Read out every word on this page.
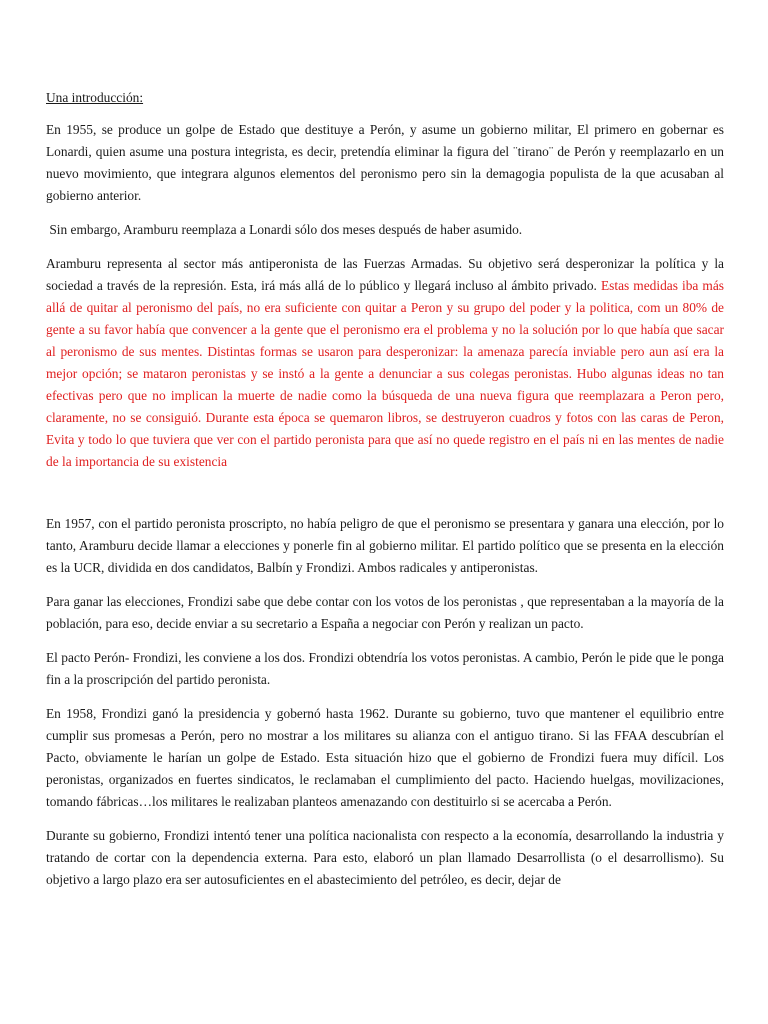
Una introducción:

En 1955, se produce un golpe de Estado que destituye a Perón, y asume un gobierno militar, El primero en gobernar es Lonardi, quien asume una postura integrista, es decir, pretendía eliminar la figura del ¨tirano¨ de Perón y reemplazarlo en un nuevo movimiento, que integrara algunos elementos del peronismo pero sin la demagogia populista de la que acusaban al gobierno anterior.

Sin embargo, Aramburu reemplaza a Lonardi sólo dos meses después de haber asumido.

Aramburu representa al sector más antiperonista de las Fuerzas Armadas. Su objetivo será desperonizar la política y la sociedad a través de la represión. Esta, irá más allá de lo público y llegará incluso al ámbito privado. Estas medidas iba más allá de quitar al peronismo del país, no era suficiente con quitar a Peron y su grupo del poder y la politica, com un 80% de gente a su favor había que convencer a la gente que el peronismo era el problema y no la solución por lo que había que sacar al peronismo de sus mentes. Distintas formas se usaron para desperonizar: la amenaza parecía inviable pero aun así era la mejor opción; se mataron peronistas y se instó a la gente a denunciar a sus colegas peronistas. Hubo algunas ideas no tan efectivas pero que no implican la muerte de nadie como la búsqueda de una nueva figura que reemplazara a Peron pero, claramente, no se consiguió. Durante esta época se quemaron libros, se destruyeron cuadros y fotos con las caras de Peron, Evita y todo lo que tuviera que ver con el partido peronista para que así no quede registro en el país ni en las mentes de nadie de la importancia de su existencia

En 1957, con el partido peronista proscripto, no había peligro de que el peronismo se presentara y ganara una elección, por lo tanto, Aramburu decide llamar a elecciones y ponerle fin al gobierno militar. El partido político que se presenta en la elección es la UCR, dividida en dos candidatos, Balbín y Frondizi. Ambos radicales y antiperonistas.

Para ganar las elecciones, Frondizi sabe que debe contar con los votos de los peronistas , que representaban a la mayoría de la población, para eso, decide enviar a su secretario a España a negociar con Perón y realizan un pacto.

El pacto Perón- Frondizi, les conviene a los dos. Frondizi obtendría los votos peronistas. A cambio, Perón le pide que le ponga fin a la proscripción del partido peronista.

En 1958, Frondizi ganó la presidencia y gobernó hasta 1962. Durante su gobierno, tuvo que mantener el equilibrio entre cumplir sus promesas a Perón, pero no mostrar a los militares su alianza con el antiguo tirano. Si las FFAA descubrían el Pacto, obviamente le harían un golpe de Estado. Esta situación hizo que el gobierno de Frondizi fuera muy difícil. Los peronistas, organizados en fuertes sindicatos, le reclamaban el cumplimiento del pacto. Haciendo huelgas, movilizaciones, tomando fábricas…los militares le realizaban planteos amenazando con destituirlo si se acercaba a Perón.

Durante su gobierno, Frondizi intentó tener una política nacionalista con respecto a la economía, desarrollando la industria y tratando de cortar con la dependencia externa. Para esto, elaboró un plan llamado Desarrollista (o el desarrollismo). Su objetivo a largo plazo era ser autosuficientes en el abastecimiento del petróleo, es decir, dejar de
